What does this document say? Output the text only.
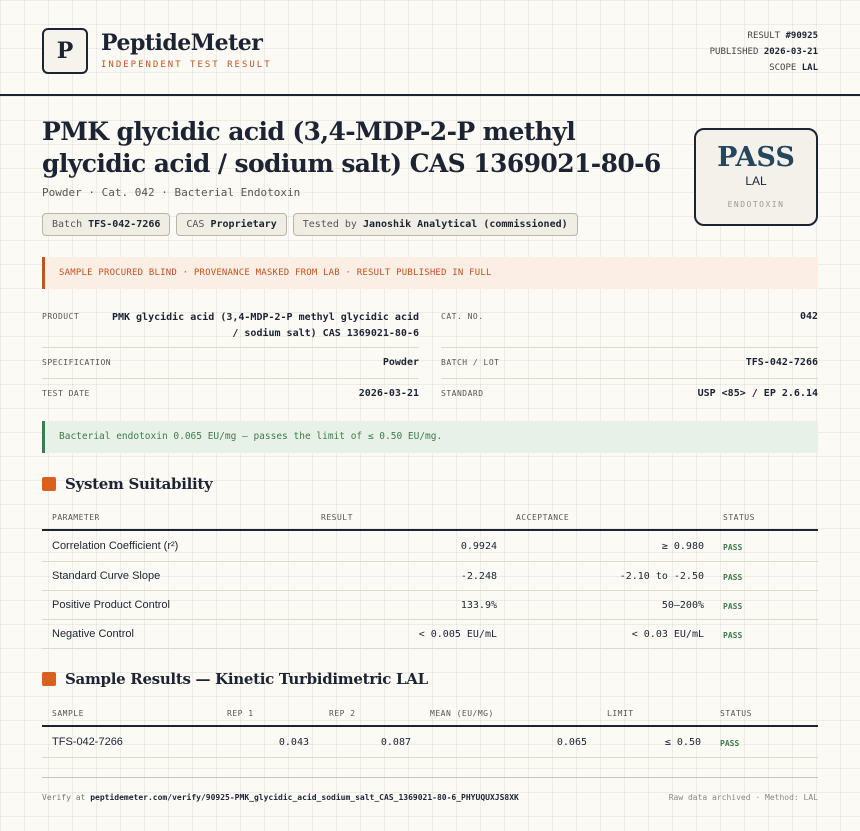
P	PeptideMeter
INDEPENDENT TEST RESULT
RESULT #90925
PUBLISHED 2026-03-21
SCOPE LAL
PMK glycidic acid (3,4-MDP-2-P methyl glycidic acid / sodium salt) CAS 1369021-80-6
Powder · Cat. 042 · Bacterial Endotoxin
Batch TFS-042-7266	CAS Proprietary	Tested by Janoshik Analytical (commissioned)
PASS
LAL
ENDOTOXIN
SAMPLE PROCURED BLIND · PROVENANCE MASKED FROM LAB · RESULT PUBLISHED IN FULL
PRODUCT	PMK glycidic acid (3,4-MDP-2-P methyl glycidic acid / sodium salt) CAS 1369021-80-6
CAT. NO.	042
SPECIFICATION	Powder	BATCH / LOT	TFS-042-7266
TEST DATE	2026-03-21	STANDARD	USP <85> / EP 2.6.14
Bacterial endotoxin 0.065 EU/mg — passes the limit of ≤ 0.50 EU/mg.
System Suitability
PARAMETER	RESULT	ACCEPTANCE	STATUS
Correlation Coefficient (r²)	0.9924	≥ 0.980 PASS
Standard Curve Slope	-2.248	-2.10 to -2.50 PASS
Positive Product Control	133.9%	50–200% PASS
Negative Control	< 0.005 EU/mL	< 0.03 EU/mL PASS
Sample Results — Kinetic Turbidimetric LAL
SAMPLE	REP 1	REP 2	MEAN (EU/MG)	LIMIT	STATUS
TFS-042-7266	0.043	0.087	0.065	≤ 0.50 PASS
Verify at peptidemeter.com/verify/90925-PMK_glycidic_acid_sodium_salt_CAS_1369021-80-6_PHYUQUXJS8XK	Raw data archived · Method: LAL
